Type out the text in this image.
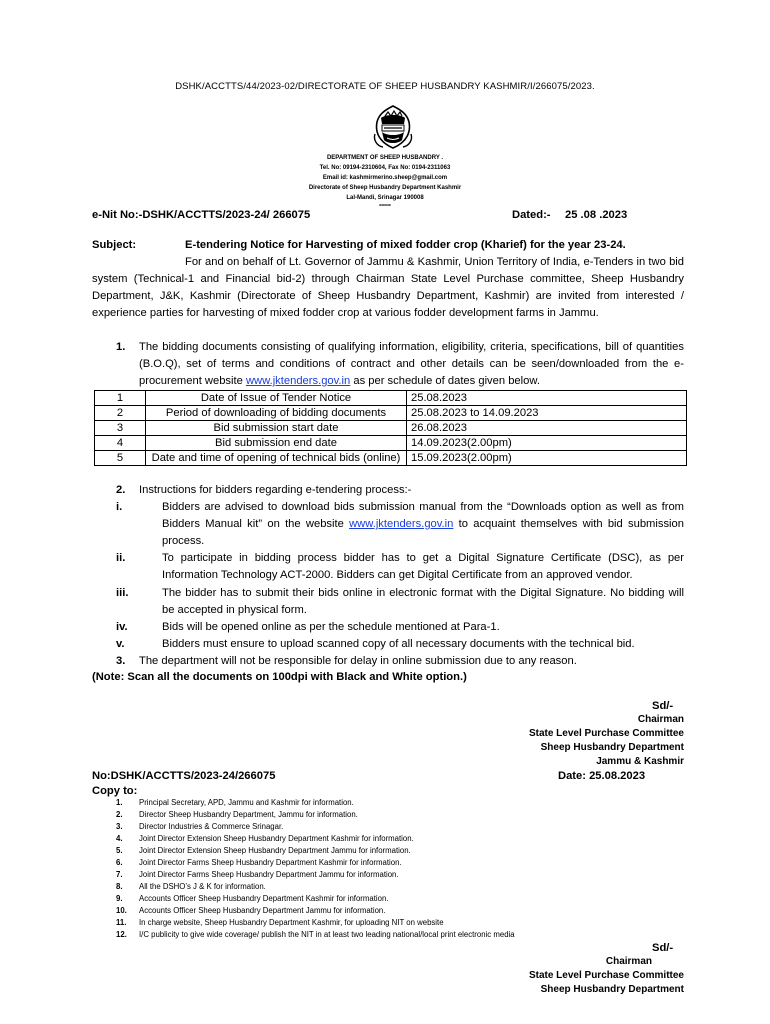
DSHK/ACCTTS/44/2023-02/DIRECTORATE OF SHEEP HUSBANDRY KASHMIR/I/266075/2023.
DEPARTMENT OF SHEEP HUSBANDRY .
Tel. No: 09194-2310604, Fax No: 0194-2311063
Email id: kashmirmerino.sheep@gmail.com
Directorate of Sheep Husbandry Department Kashmir
Lal-Mandi, Srinagar 190008
******
e-Nit No:-DSHK/ACCTTS/2023-24/ 266075	Dated:- 25 .08 .2023
Subject:	E-tendering Notice for Harvesting of mixed fodder crop (Kharief) for the year 23-24.
For and on behalf of Lt. Governor of Jammu & Kashmir, Union Territory of India, e-Tenders in two bid system (Technical-1 and Financial bid-2) through Chairman State Level Purchase committee, Sheep Husbandry Department, J&K, Kashmir (Directorate of Sheep Husbandry Department, Kashmir) are invited from interested / experience parties for harvesting of mixed fodder crop at various fodder development farms in Jammu.
1. The bidding documents consisting of qualifying information, eligibility, criteria, specifications, bill of quantities (B.O.Q), set of terms and conditions of contract and other details can be seen/downloaded from the e-procurement website www.jktenders.gov.in as per schedule of dates given below.
1	Date of Issue of Tender Notice	25.08.2023
2	Period of downloading of bidding documents	25.08.2023 to 14.09.2023
3	Bid submission start date	26.08.2023
4	Bid submission end date	14.09.2023(2.00pm)
5	Date and time of opening of technical bids (online)	15.09.2023(2.00pm)
2. Instructions for bidders regarding e-tendering process:-
i.	Bidders are advised to download bids submission manual from the “Downloads option as well as from Bidders Manual kit” on the website www.jktenders.gov.in to acquaint themselves with bid submission process.
ii.	To participate in bidding process bidder has to get a Digital Signature Certificate (DSC), as per Information Technology ACT-2000. Bidders can get Digital Certificate from an approved vendor.
iii.	The bidder has to submit their bids online in electronic format with the Digital Signature. No bidding will be accepted in physical form.
iv.	Bids will be opened online as per the schedule mentioned at Para-1.
v.	Bidders must ensure to upload scanned copy of all necessary documents with the technical bid.
3. The department will not be responsible for delay in online submission due to any reason.
(Note: Scan all the documents on 100dpi with Black and White option.)
Sd/-
Chairman
State Level Purchase Committee
Sheep Husbandry Department
Jammu & Kashmir
No:DSHK/ACCTTS/2023-24/266075	Date: 25.08.2023
Copy to:
1. Principal Secretary, APD, Jammu and Kashmir for information.
2. Director Sheep Husbandry Department, Jammu for information.
3. Director Industries & Commerce Srinagar.
4. Joint Director Extension Sheep Husbandry Department Kashmir for information.
5. Joint Director Extension Sheep Husbandry Department Jammu for information.
6. Joint Director Farms Sheep Husbandry Department Kashmir for information.
7. Joint Director Farms Sheep Husbandry Department Jammu for information.
8. All the DSHO’s J & K for information.
9. Accounts Officer Sheep Husbandry Department Kashmir for information.
10. Accounts Officer Sheep Husbandry Department Jammu for information.
11. In charge website, Sheep Husbandry Department Kashmir, for uploading NIT on website
12. I/C publicity to give wide coverage/ publish the NIT in at least two leading national/local print electronic media
Sd/-
Chairman
State Level Purchase Committee
Sheep Husbandry Department
